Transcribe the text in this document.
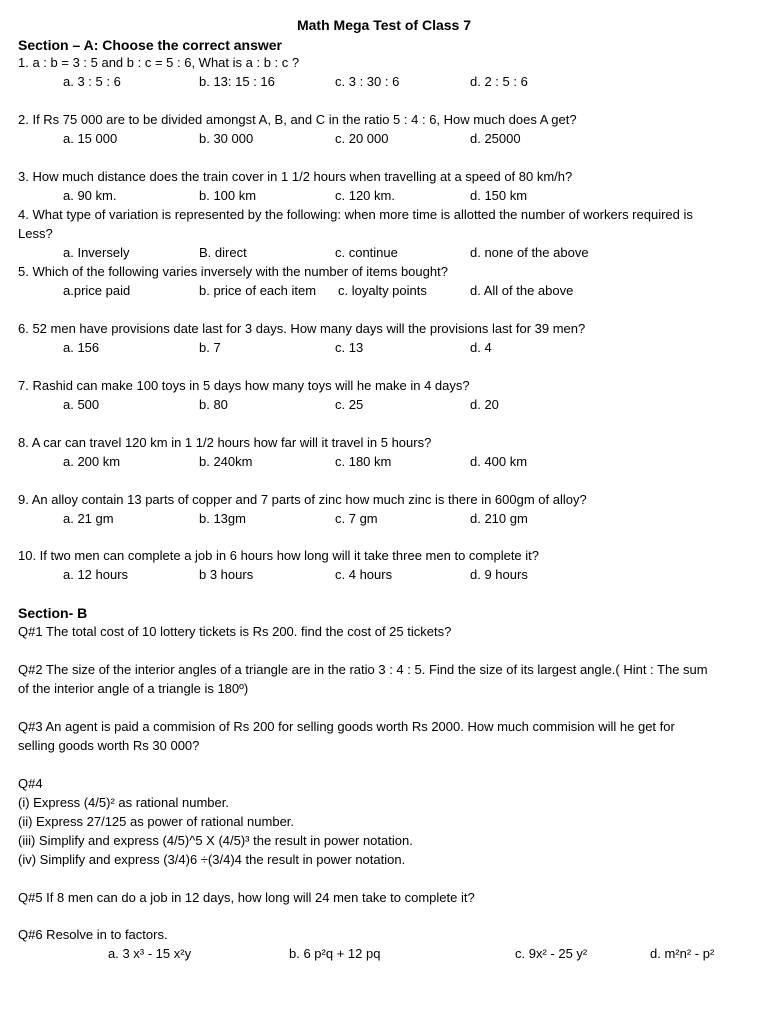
Math Mega Test of Class 7
Section – A: Choose the correct answer
1. a : b = 3 : 5 and b : c = 5 : 6, What is a : b : c ?
a. 3 : 5 : 6	b. 13: 15 : 16	c. 3 : 30 : 6	d. 2 : 5 : 6
2. If Rs 75 000 are to be divided amongst A, B, and C in the ratio 5 : 4 : 6, How much does A get?
a. 15 000	b. 30 000	c. 20 000	d. 25000
3. How much distance does the train cover in 1 1/2 hours when travelling at a speed of 80 km/h?
a. 90 km.	b. 100 km	c. 120 km.	d. 150 km
4. What type of variation is represented by the following: when more time is allotted the number of workers required is
Less?
a. Inversely	B. direct	c. continue	d. none of the above
5. Which of the following varies inversely with the number of items bought?
a.price paid	b. price of each item c. loyalty points	d. All of the above
6. 52 men have provisions date last for 3 days. How many days will the provisions last for 39 men?
a. 156	b. 7	c. 13	d. 4
7. Rashid can make 100 toys in 5 days how many toys will he make in 4 days?
a. 500	b. 80	c. 25	d. 20
8. A car can travel 120 km in 1 1/2 hours how far will it travel in 5 hours?
a. 200 km	b. 240km	c. 180 km	d. 400 km
9. An alloy contain 13 parts of copper and 7 parts of zinc how much zinc is there in 600gm of alloy?
a. 21 gm	b. 13gm	c. 7 gm	d. 210 gm
10. If two men can complete a job in 6 hours how long will it take three men to complete it?
a. 12 hours	b 3 hours	c. 4 hours	d. 9 hours
Section- B
Q#1 The total cost of 10 lottery tickets is Rs 200. find the cost of 25 tickets?
Q#2 The size of the interior angles of a triangle are in the ratio 3 : 4 : 5. Find the size of its largest angle.( Hint : The sum
of the interior angle of a triangle is 180º)
Q#3 An agent is paid a commision of Rs 200 for selling goods worth Rs 2000. How much commision will he get for
selling goods worth Rs 30 000?
Q#4
(i) Express (4/5)² as rational number.
(ii) Express 27/125 as power of rational number.
(iii) Simplify and express (4/5)^5 X (4/5)³ the result in power notation.
(iv) Simplify and express (3/4)6 ÷(3/4)4 the result in power notation.
Q#5 If 8 men can do a job in 12 days, how long will 24 men take to complete it?
Q#6 Resolve in to factors.
a. 3 x³ - 15 x²y	b. 6 p²q + 12 pq	c. 9x² - 25 y²	d. m²n² - p²
